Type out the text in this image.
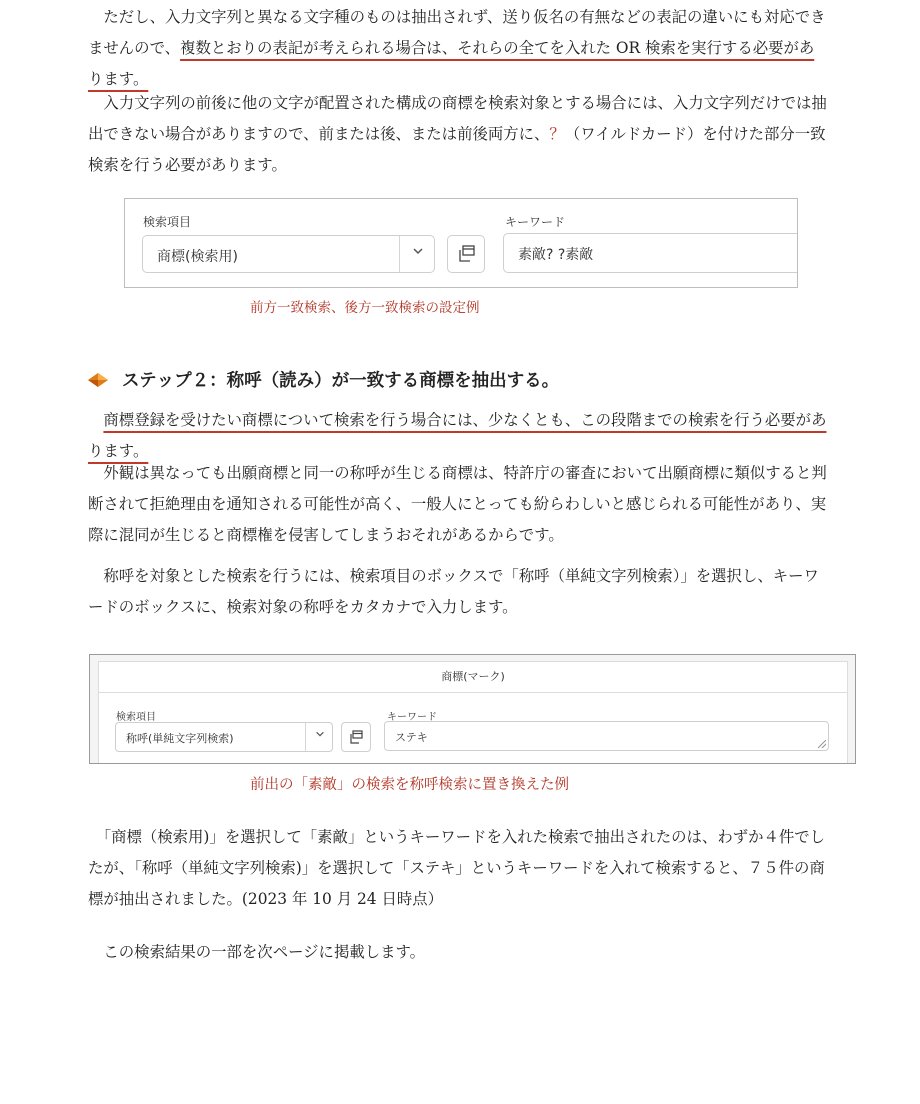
　ただし、入力文字列と異なる文字種のものは抽出されず、送り仮名の有無などの表記の違いにも対応できませんので、複数とおりの表記が考えられる場合は、それらの全てを入れた OR 検索を実行する必要があります。

　入力文字列の前後に他の文字が配置された構成の商標を検索対象とする場合には、入力文字列だけでは抽出できない場合がありますので、前または後、または前後両方に、？（ワイルドカード）を付けた部分一致検索を行う必要があります。

検索項目
商標(検索用)
キーワード
素敵? ?素敵
前方一致検索、後方一致検索の設定例
ステップ２：称呼（読み）が一致する商標を抽出する。

　商標登録を受けたい商標について検索を行う場合には、少なくとも、この段階までの検索を行う必要があります。

　外観は異なっても出願商標と同一の称呼が生じる商標は、特許庁の審査において出願商標に類似すると判断されて拒絶理由を通知される可能性が高く、一般人にとっても紛らわしいと感じられる可能性があり、実際に混同が生じると商標権を侵害してしまうおそれがあるからです。

　称呼を対象とした検索を行うには、検索項目のボックスで「称呼（単純文字列検索）」を選択し、キーワードのボックスに、検索対象の称呼をカタカナで入力します。

商標(マーク)
検索項目
称呼(単純文字列検索)
キーワード
ステキ
前出の「素敵」の検索を称呼検索に置き換えた例

　「商標（検索用)」を選択して「素敵」というキーワードを入れた検索で抽出されたのは、わずか４件でしたが、「称呼（単純文字列検索)」を選択して「ステキ」というキーワードを入れて検索すると、７５件の商標が抽出されました。(2023 年 10 月 24 日時点）

　この検索結果の一部を次ページに掲載します。
